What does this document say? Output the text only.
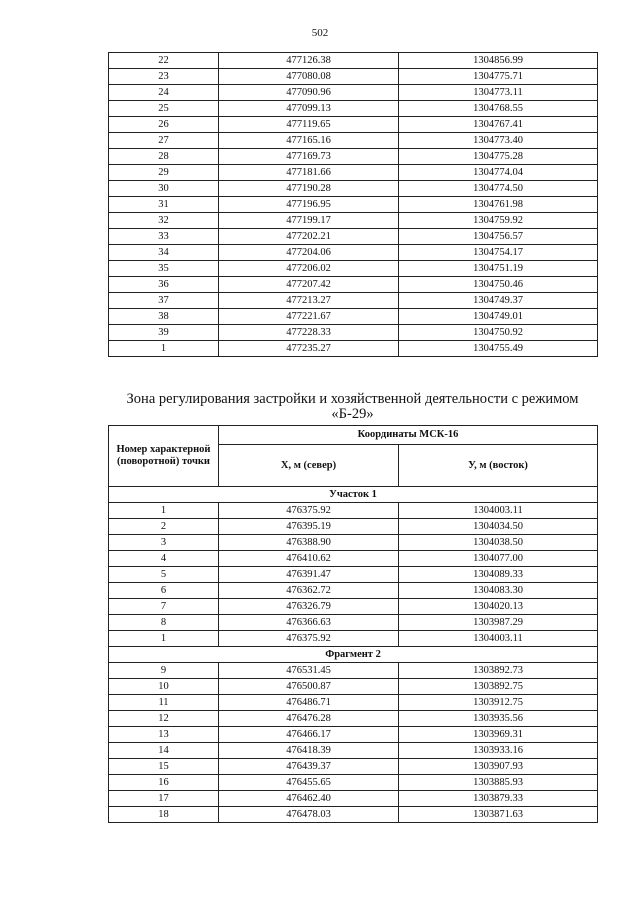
502
22	477126.38	1304856.99
23	477080.08	1304775.71
24	477090.96	1304773.11
25	477099.13	1304768.55
26	477119.65	1304767.41
27	477165.16	1304773.40
28	477169.73	1304775.28
29	477181.66	1304774.04
30	477190.28	1304774.50
31	477196.95	1304761.98
32	477199.17	1304759.92
33	477202.21	1304756.57
34	477204.06	1304754.17
35	477206.02	1304751.19
36	477207.42	1304750.46
37	477213.27	1304749.37
38	477221.67	1304749.01
39	477228.33	1304750.92
1	477235.27	1304755.49
Зона регулирования застройки и хозяйственной деятельности с режимом «Б-29»
Номер характерной (поворотной) точки	Координаты МСК-16	
	X, м (север)	У, м (восток)
Участок 1		
1	476375.92	1304003.11
2	476395.19	1304034.50
3	476388.90	1304038.50
4	476410.62	1304077.00
5	476391.47	1304089.33
6	476362.72	1304083.30
7	476326.79	1304020.13
8	476366.63	1303987.29
1	476375.92	1304003.11
Фрагмент 2		
9	476531.45	1303892.73
10	476500.87	1303892.75
11	476486.71	1303912.75
12	476476.28	1303935.56
13	476466.17	1303969.31
14	476418.39	1303933.16
15	476439.37	1303907.93
16	476455.65	1303885.93
17	476462.40	1303879.33
18	476478.03	1303871.63
